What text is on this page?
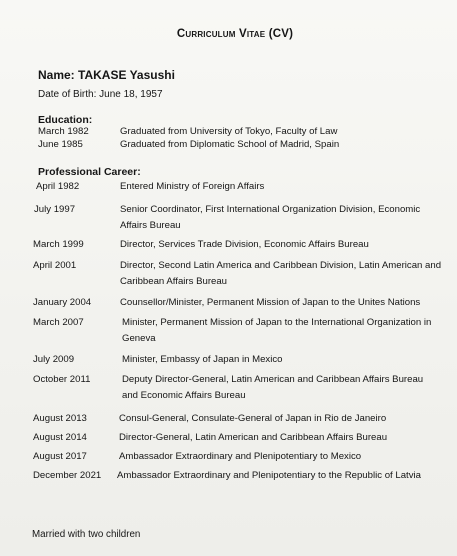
Curriculum Vitae (CV)
Name: TAKASE Yasushi
Date of Birth: June 18, 1957
Education:
March 1982	Graduated from University of Tokyo, Faculty of Law
June 1985	Graduated from Diplomatic School of Madrid, Spain
Professional Career:
April 1982	Entered Ministry of Foreign Affairs
July 1997	Senior Coordinator, First International Organization Division, Economic Affairs Bureau
March 1999	Director, Services Trade Division, Economic Affairs Bureau
April 2001	Director, Second Latin America and Caribbean Division, Latin American and Caribbean Affairs Bureau
January 2004	Counsellor/Minister, Permanent Mission of Japan to the Unites Nations
March 2007	Minister, Permanent Mission of Japan to the International Organization in Geneva
July 2009	Minister, Embassy of Japan in Mexico
October 2011	Deputy Director-General, Latin American and Caribbean Affairs Bureau and Economic Affairs Bureau
August 2013	Consul-General, Consulate-General of Japan in Rio de Janeiro
August 2014	Director-General, Latin American and Caribbean Affairs Bureau
August 2017	Ambassador Extraordinary and Plenipotentiary to Mexico
December 2021 Ambassador Extraordinary and Plenipotentiary to the Republic of Latvia
Married with two children
